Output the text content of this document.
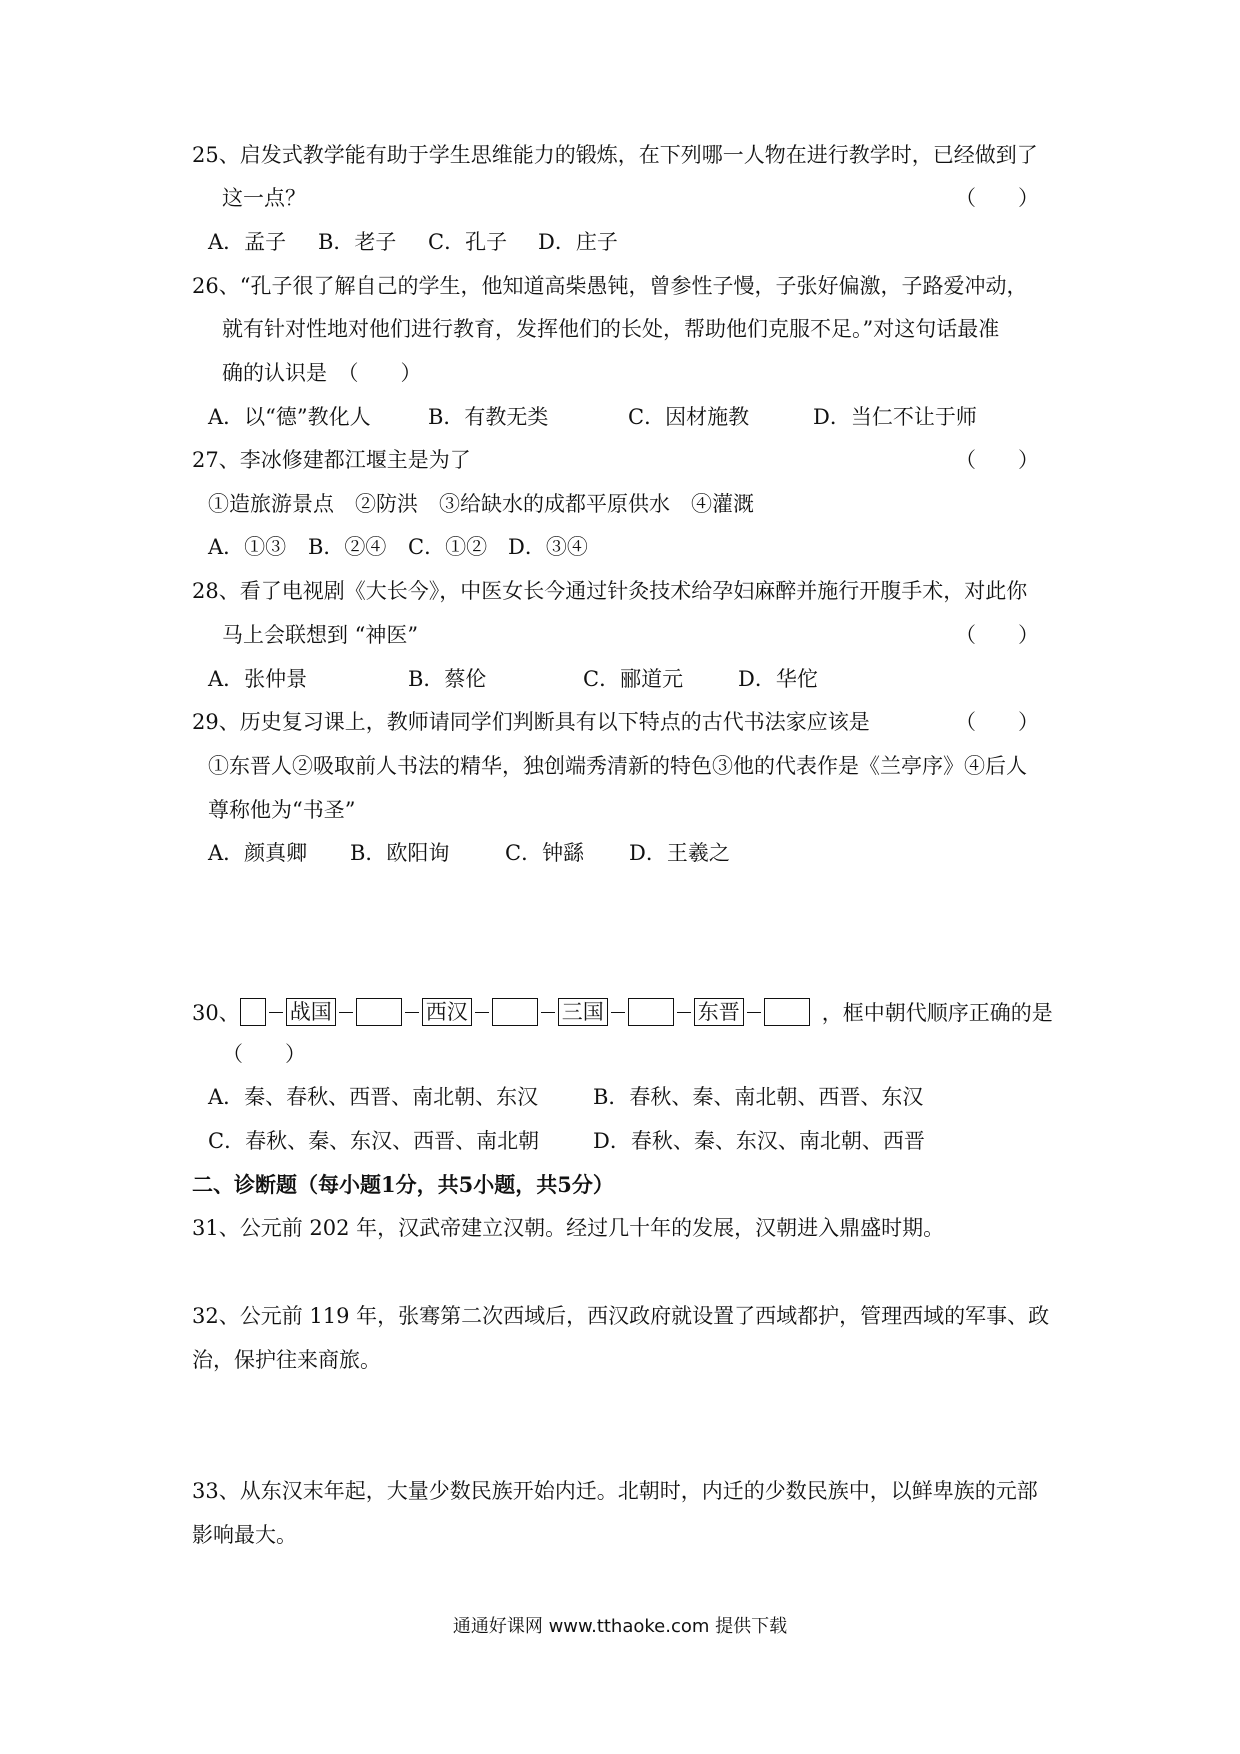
25、启发式教学能有助于学生思维能力的锻炼，在下列哪一人物在进行教学时，已经做到了
这一点？	（　　）
A．孟子 B．老子 C．孔子 D．庄子
26、“孔子很了解自己的学生，他知道高柴愚钝，曾参性子慢，子张好偏激，子路爱冲动，
就有针对性地对他们进行教育，发挥他们的长处，帮助他们克服不足。”对这句话最准
确的认识是　（　　）
A．以“德”教化人	B．有教无类	C．因材施教	D．当仁不让于师
27、李冰修建都江堰主是为了	（　　）
①造旅游景点　②防洪　③给缺水的成都平原供水　④灌溉
A．①③ B．②④ C．①② D．③④
28、看了电视剧《大长今》，中医女长今通过针灸技术给孕妇麻醉并施行开腹手术，对此你
马上会联想到 “神医”	（　　）
A．张仲景	B．蔡伦	C．郦道元	D．华佗
29、历史复习课上，教师请同学们判断具有以下特点的古代书法家应该是	（　　）
①东晋人②吸取前人书法的精华，独创端秀清新的特色③他的代表作是《兰亭序》④后人
尊称他为“书圣”
A．颜真卿 B．欧阳询	C．钟繇 D．王羲之
30、 战国	西汉	三国	东晋	，框中朝代顺序正确的是
（　　）
A．秦、春秋、西晋、南北朝、东汉	B．春秋、秦、南北朝、西晋、东汉
C．春秋、秦、东汉、西晋、南北朝	D．春秋、秦、东汉、南北朝、西晋
二、诊断题（每小题1分，共5小题，共5分）
31、公元前 202 年，汉武帝建立汉朝。经过几十年的发展，汉朝进入鼎盛时期。
32、公元前 119 年，张骞第二次西域后，西汉政府就设置了西域都护，管理西域的军事、政
治，保护往来商旅。
33、从东汉末年起，大量少数民族开始内迁。北朝时，内迁的少数民族中，以鲜卑族的元部
影响最大。
通通好课网 www.tthaoke.com 提供下载
